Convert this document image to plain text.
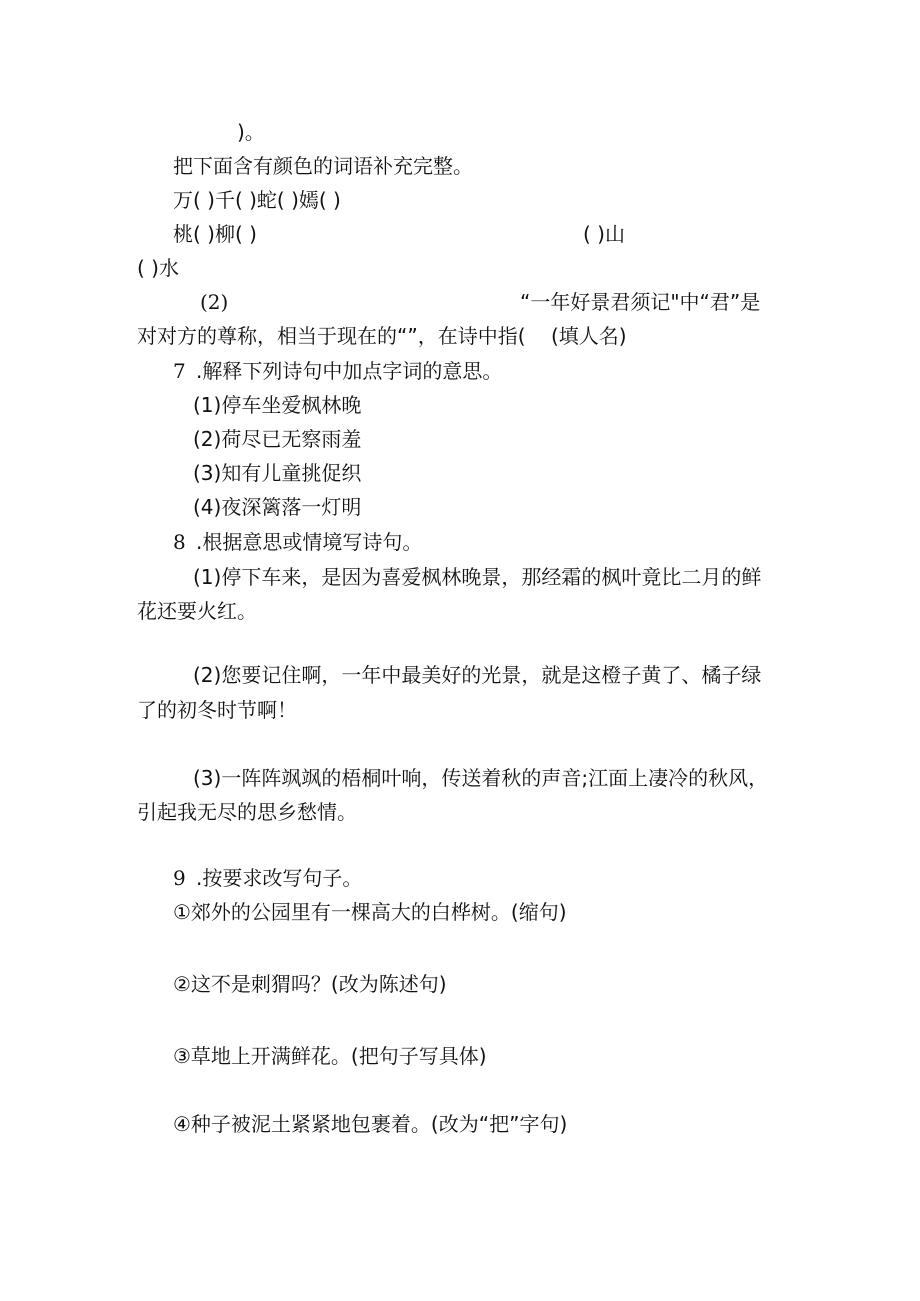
)。
把下面含有颜色的词语补充完整。
万( )千( )蛇( )嫣( )
桃( )柳( )	( )山
( )水
(2)	“一年好景君须记"中“君”是
对对方的尊称，相当于现在的“”，在诗中指(    (填人名)
7 .解释下列诗句中加点字词的意思。
(1)停车坐爱枫林晚
(2)荷尽已无察雨羞
(3)知有儿童挑促织
(4)夜深篱落一灯明
8 .根据意思或情境写诗句。
(1)停下车来，是因为喜爱枫林晚景，那经霜的枫叶竟比二月的鲜
花还要火红。
(2)您要记住啊，一年中最美好的光景，就是这橙子黄了、橘子绿
了的初冬时节啊！
(3)一阵阵飒飒的梧桐叶响，传送着秋的声音;江面上凄冷的秋风，
引起我无尽的思乡愁情。
9 .按要求改写句子。
①郊外的公园里有一棵高大的白桦树。(缩句)
②这不是刺猬吗？(改为陈述句)
③草地上开满鲜花。(把句子写具体)
④种子被泥土紧紧地包裹着。(改为“把”字句)
